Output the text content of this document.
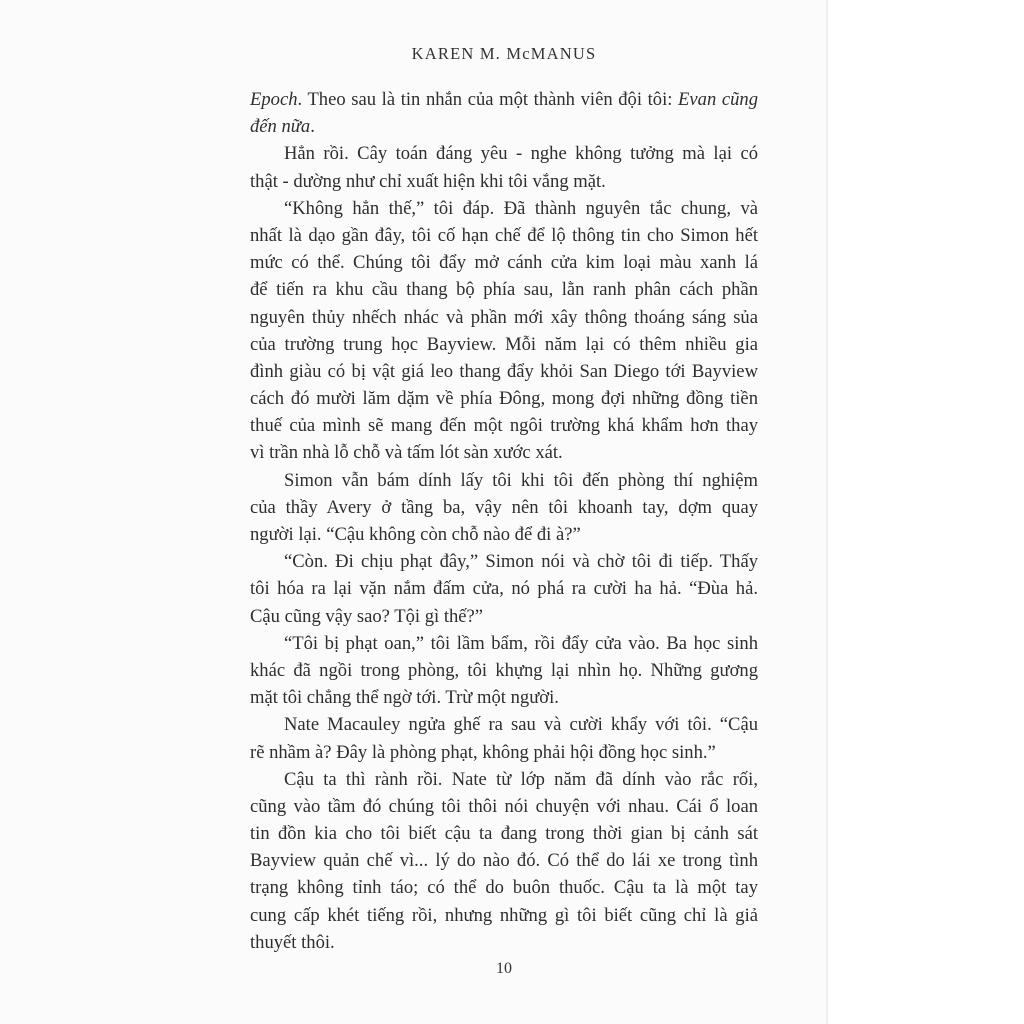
KAREN M. McMANUS
Epoch. Theo sau là tin nhắn của một thành viên đội tôi: Evan cũng
đến nữa.
Hẳn rồi. Cây toán đáng yêu - nghe không tưởng mà lại có
thật - dường như chỉ xuất hiện khi tôi vắng mặt.
“Không hẳn thế,” tôi đáp. Đã thành nguyên tắc chung, và
nhất là dạo gần đây, tôi cố hạn chế để lộ thông tin cho Simon hết
mức có thể. Chúng tôi đẩy mở cánh cửa kim loại màu xanh lá
để tiến ra khu cầu thang bộ phía sau, lằn ranh phân cách phần
nguyên thủy nhếch nhác và phần mới xây thông thoáng sáng sủa
của trường trung học Bayview. Mỗi năm lại có thêm nhiều gia
đình giàu có bị vật giá leo thang đẩy khỏi San Diego tới Bayview
cách đó mười lăm dặm về phía Đông, mong đợi những đồng tiền
thuế của mình sẽ mang đến một ngôi trường khá khẩm hơn thay
vì trần nhà lỗ chỗ và tấm lót sàn xước xát.
Simon vẫn bám dính lấy tôi khi tôi đến phòng thí nghiệm
của thầy Avery ở tầng ba, vậy nên tôi khoanh tay, dợm quay
người lại. “Cậu không còn chỗ nào để đi à?”
“Còn. Đi chịu phạt đây,” Simon nói và chờ tôi đi tiếp. Thấy
tôi hóa ra lại vặn nắm đấm cửa, nó phá ra cười ha hả. “Đùa hả.
Cậu cũng vậy sao? Tội gì thế?”
“Tôi bị phạt oan,” tôi lầm bẩm, rồi đẩy cửa vào. Ba học sinh
khác đã ngồi trong phòng, tôi khựng lại nhìn họ. Những gương
mặt tôi chẳng thể ngờ tới. Trừ một người.
Nate Macauley ngửa ghế ra sau và cười khẩy với tôi. “Cậu
rẽ nhầm à? Đây là phòng phạt, không phải hội đồng học sinh.”
Cậu ta thì rành rồi. Nate từ lớp năm đã dính vào rắc rối,
cũng vào tầm đó chúng tôi thôi nói chuyện với nhau. Cái ổ loan
tin đồn kia cho tôi biết cậu ta đang trong thời gian bị cảnh sát
Bayview quản chế vì... lý do nào đó. Có thể do lái xe trong tình
trạng không tỉnh táo; có thể do buôn thuốc. Cậu ta là một tay
cung cấp khét tiếng rồi, nhưng những gì tôi biết cũng chỉ là giả
thuyết thôi.
10
